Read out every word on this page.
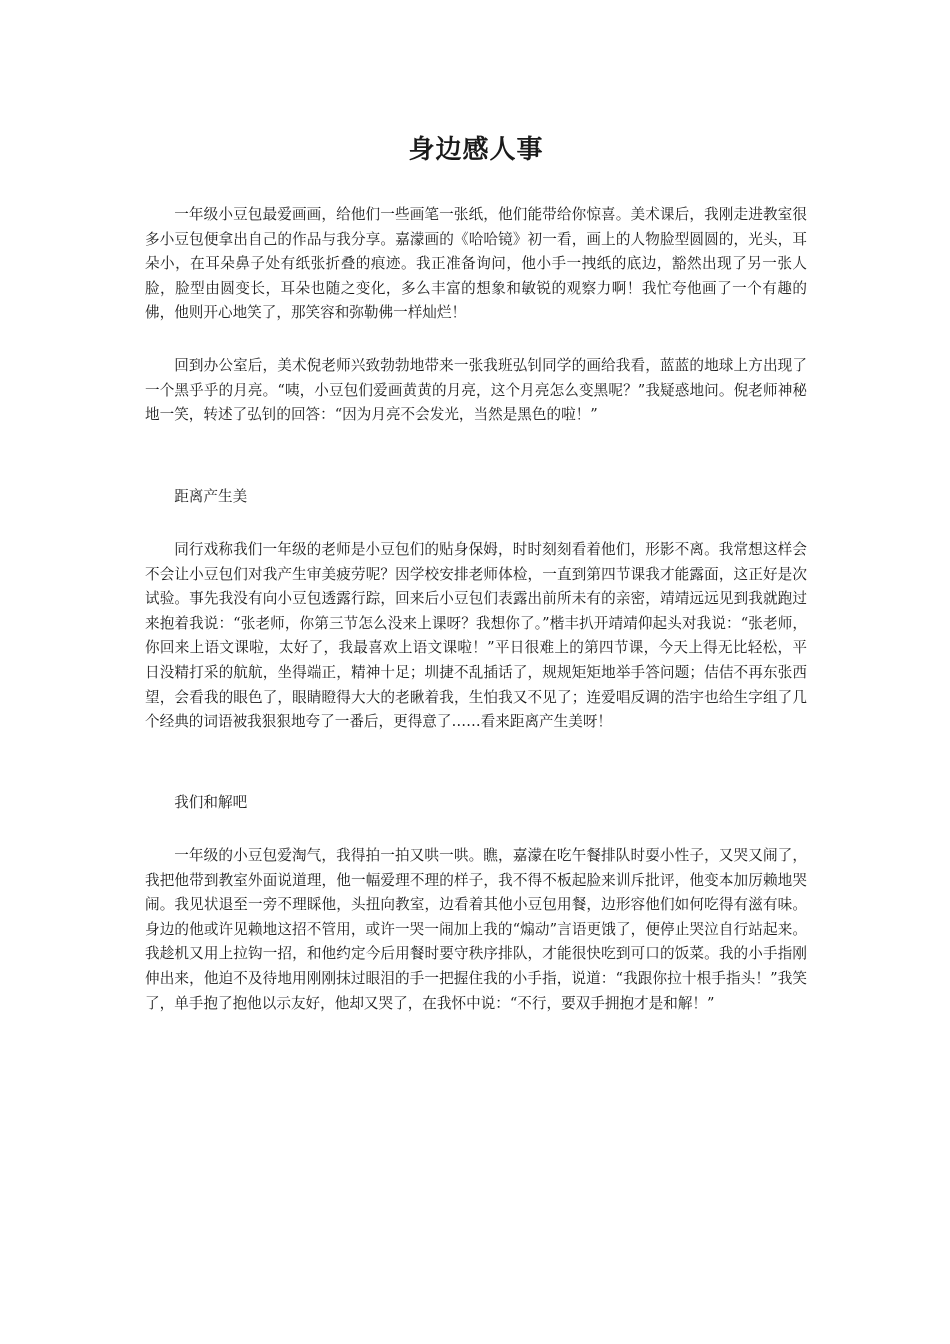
身边感人事

一年级小豆包最爱画画，给他们一些画笔一张纸，他们能带给你惊喜。美术课后，我刚走进教室很多小豆包便拿出自己的作品与我分享。嘉濛画的《哈哈镜》初一看，画上的人物脸型圆圆的，光头，耳朵小，在耳朵鼻子处有纸张折叠的痕迹。我正准备询问，他小手一拽纸的底边，豁然出现了另一张人脸，脸型由圆变长，耳朵也随之变化，多么丰富的想象和敏锐的观察力啊！我忙夸他画了一个有趣的佛，他则开心地笑了，那笑容和弥勒佛一样灿烂！

回到办公室后，美术倪老师兴致勃勃地带来一张我班弘钊同学的画给我看，蓝蓝的地球上方出现了一个黑乎乎的月亮。“咦，小豆包们爱画黄黄的月亮，这个月亮怎么变黑呢？”我疑惑地问。倪老师神秘地一笑，转述了弘钊的回答：“因为月亮不会发光，当然是黑色的啦！”

距离产生美

同行戏称我们一年级的老师是小豆包们的贴身保姆，时时刻刻看着他们，形影不离。我常想这样会不会让小豆包们对我产生审美疲劳呢？因学校安排老师体检，一直到第四节课我才能露面，这正好是次试验。事先我没有向小豆包透露行踪，回来后小豆包们表露出前所未有的亲密，靖靖远远见到我就跑过来抱着我说：“张老师，你第三节怎么没来上课呀？我想你了。”楷丰扒开靖靖仰起头对我说：“张老师，你回来上语文课啦，太好了，我最喜欢上语文课啦！”平日很难上的第四节课，今天上得无比轻松，平日没精打采的航航，坐得端正，精神十足；圳捷不乱插话了，规规矩矩地举手答问题；佶佶不再东张西望，会看我的眼色了，眼睛瞪得大大的老瞅着我，生怕我又不见了；连爱唱反调的浩宇也给生字组了几个经典的词语被我狠狠地夸了一番后，更得意了……看来距离产生美呀！

我们和解吧

一年级的小豆包爱淘气，我得拍一拍又哄一哄。瞧，嘉濛在吃午餐排队时耍小性子，又哭又闹了，我把他带到教室外面说道理，他一幅爱理不理的样子，我不得不板起脸来训斥批评，他变本加厉赖地哭闹。我见状退至一旁不理睬他，头扭向教室，边看着其他小豆包用餐，边形容他们如何吃得有滋有味。身边的他或许见赖地这招不管用，或许一哭一闹加上我的“煽动”言语更饿了，便停止哭泣自行站起来。我趁机又用上拉钩一招，和他约定今后用餐时要守秩序排队，才能很快吃到可口的饭菜。我的小手指刚伸出来，他迫不及待地用刚刚抹过眼泪的手一把握住我的小手指，说道：“我跟你拉十根手指头！”我笑了，单手抱了抱他以示友好，他却又哭了，在我怀中说：“不行，要双手拥抱才是和解！”
